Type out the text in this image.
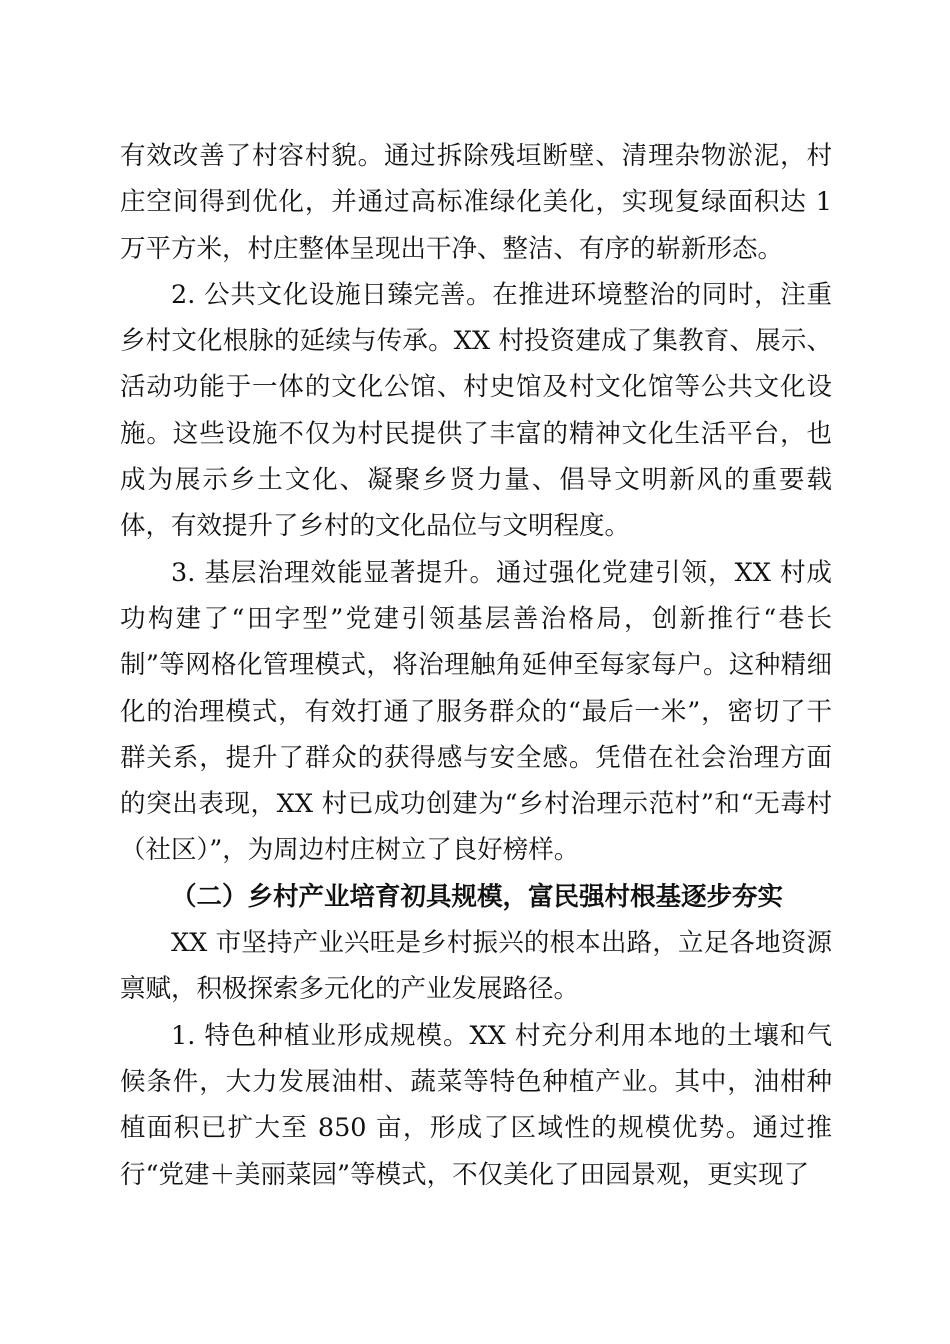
有效改善了村容村貌。通过拆除残垣断壁、清理杂物淤泥，村庄空间得到优化，并通过高标准绿化美化，实现复绿面积达 1 万平方米，村庄整体呈现出干净、整洁、有序的崭新形态。

2. 公共文化设施日臻完善。在推进环境整治的同时，注重乡村文化根脉的延续与传承。XX 村投资建成了集教育、展示、活动功能于一体的文化公馆、村史馆及村文化馆等公共文化设施。这些设施不仅为村民提供了丰富的精神文化生活平台，也成为展示乡土文化、凝聚乡贤力量、倡导文明新风的重要载体，有效提升了乡村的文化品位与文明程度。

3. 基层治理效能显著提升。通过强化党建引领，XX 村成功构建了“田字型”党建引领基层善治格局，创新推行“巷长制”等网格化管理模式，将治理触角延伸至每家每户。这种精细化的治理模式，有效打通了服务群众的“最后一米”，密切了干群关系，提升了群众的获得感与安全感。凭借在社会治理方面的突出表现，XX 村已成功创建为“乡村治理示范村”和“无毒村（社区）”，为周边村庄树立了良好榜样。

（二）乡村产业培育初具规模，富民强村根基逐步夯实

XX 市坚持产业兴旺是乡村振兴的根本出路，立足各地资源禀赋，积极探索多元化的产业发展路径。

1. 特色种植业形成规模。XX 村充分利用本地的土壤和气候条件，大力发展油柑、蔬菜等特色种植产业。其中，油柑种植面积已扩大至 850 亩，形成了区域性的规模优势。通过推行“党建＋美丽菜园”等模式，不仅美化了田园景观，更实现了
